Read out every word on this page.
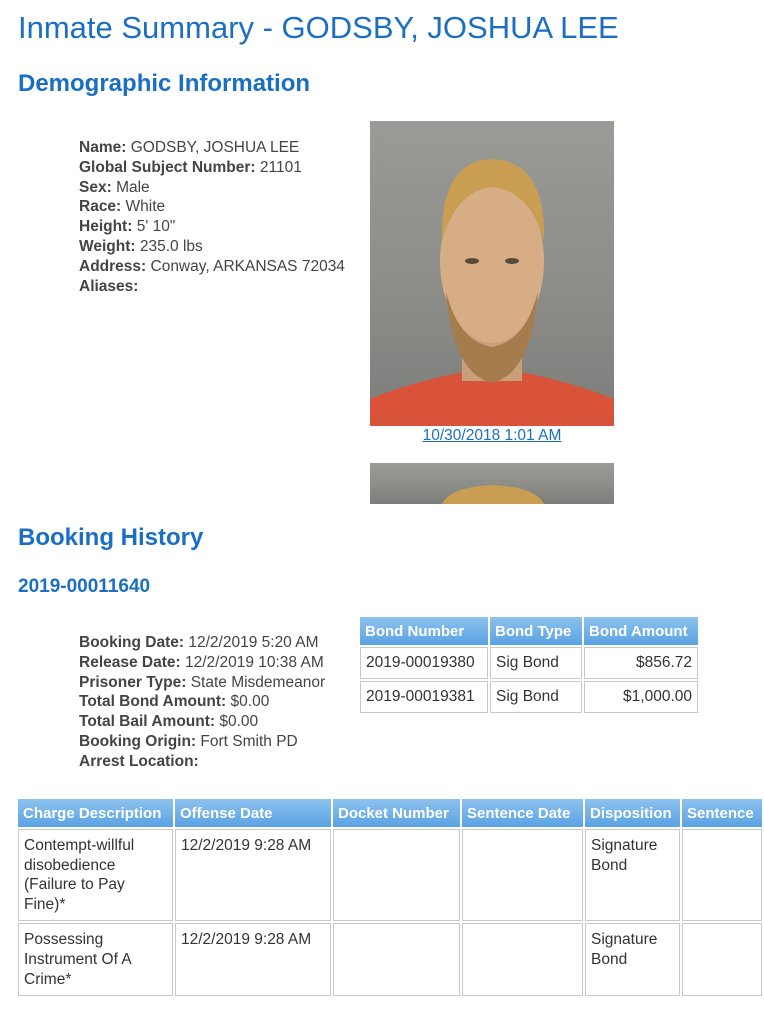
Inmate Summary - GODSBY, JOSHUA LEE
Demographic Information
Name: GODSBY, JOSHUA LEE
Global Subject Number: 21101
Sex: Male
Race: White
Height: 5' 10"
Weight: 235.0 lbs
Address: Conway, ARKANSAS 72034
Aliases:
10/30/2018 1:01 AM
Booking History
2019-00011640
Booking Date: 12/2/2019 5:20 AM
Release Date: 12/2/2019 10:38 AM
Prisoner Type: State Misdemeanor
Total Bond Amount: $0.00
Total Bail Amount: $0.00
Booking Origin: Fort Smith PD
Arrest Location:
Bond Number	Bond Type	Bond Amount
2019-00019380	Sig Bond	$856.72
2019-00019381	Sig Bond	$1,000.00
Charge Description	Offense Date	Docket Number	Sentence Date	Disposition	Sentence
Contempt-willful disobedience (Failure to Pay Fine)*	12/2/2019 9:28 AM			Signature Bond	
Possessing Instrument Of A Crime*	12/2/2019 9:28 AM			Signature Bond	
